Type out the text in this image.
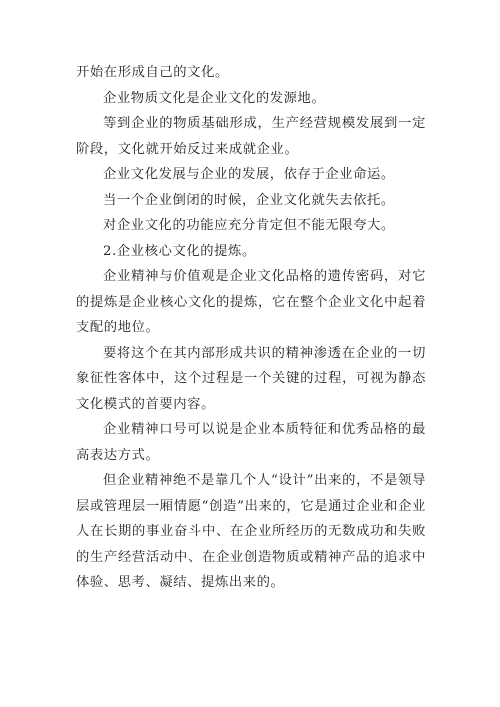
开始在形成自己的文化。

企业物质文化是企业文化的发源地。

等到企业的物质基础形成，生产经营规模发展到一定阶段，文化就开始反过来成就企业。

企业文化发展与企业的发展，依存于企业命运。

当一个企业倒闭的时候，企业文化就失去依托。

对企业文化的功能应充分肯定但不能无限夸大。

2.企业核心文化的提炼。

企业精神与价值观是企业文化品格的遗传密码，对它的提炼是企业核心文化的提炼，它在整个企业文化中起着支配的地位。

要将这个在其内部形成共识的精神渗透在企业的一切象征性客体中，这个过程是一个关键的过程，可视为静态文化模式的首要内容。

企业精神口号可以说是企业本质特征和优秀品格的最高表达方式。

但企业精神绝不是靠几个人“设计”出来的，不是领导层或管理层一厢情愿“创造”出来的，它是通过企业和企业人在长期的事业奋斗中、在企业所经历的无数成功和失败的生产经营活动中、在企业创造物质或精神产品的追求中体验、思考、凝结、提炼出来的。
